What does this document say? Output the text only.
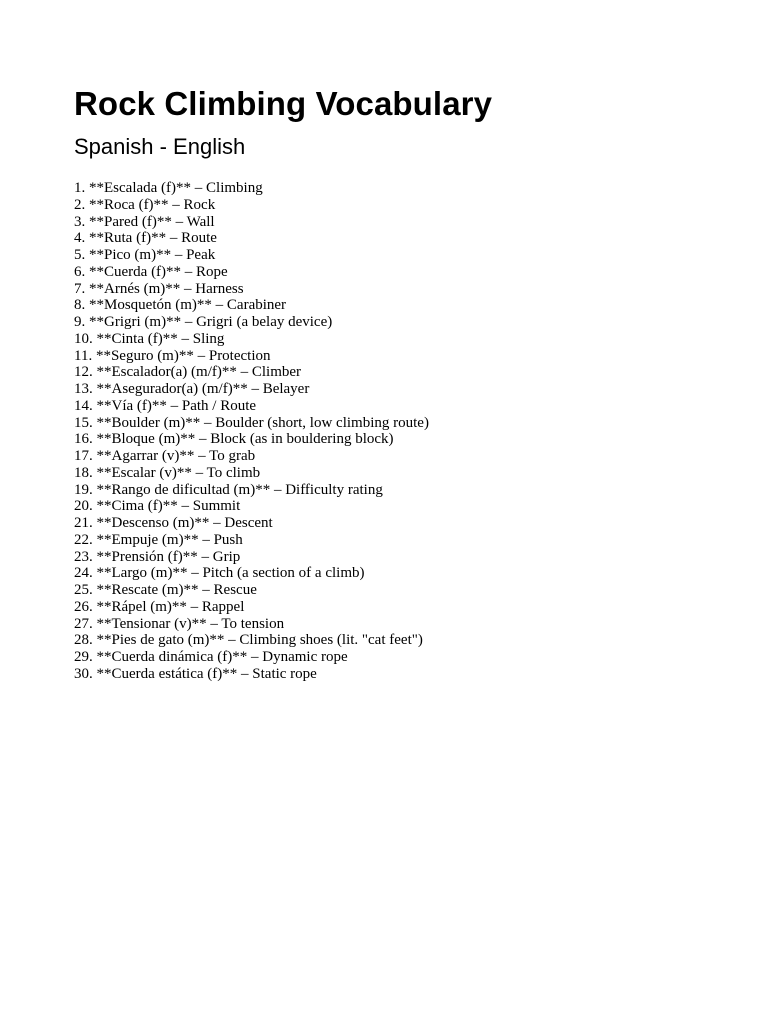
Rock Climbing Vocabulary
Spanish - English
1. **Escalada (f)** – Climbing
2. **Roca (f)** – Rock
3. **Pared (f)** – Wall
4. **Ruta (f)** – Route
5. **Pico (m)** – Peak
6. **Cuerda (f)** – Rope
7. **Arnés (m)** – Harness
8. **Mosquetón (m)** – Carabiner
9. **Grigri (m)** – Grigri (a belay device)
10. **Cinta (f)** – Sling
11. **Seguro (m)** – Protection
12. **Escalador(a) (m/f)** – Climber
13. **Asegurador(a) (m/f)** – Belayer
14. **Vía (f)** – Path / Route
15. **Boulder (m)** – Boulder (short, low climbing route)
16. **Bloque (m)** – Block (as in bouldering block)
17. **Agarrar (v)** – To grab
18. **Escalar (v)** – To climb
19. **Rango de dificultad (m)** – Difficulty rating
20. **Cima (f)** – Summit
21. **Descenso (m)** – Descent
22. **Empuje (m)** – Push
23. **Prensión (f)** – Grip
24. **Largo (m)** – Pitch (a section of a climb)
25. **Rescate (m)** – Rescue
26. **Rápel (m)** – Rappel
27. **Tensionar (v)** – To tension
28. **Pies de gato (m)** – Climbing shoes (lit. "cat feet")
29. **Cuerda dinámica (f)** – Dynamic rope
30. **Cuerda estática (f)** – Static rope
